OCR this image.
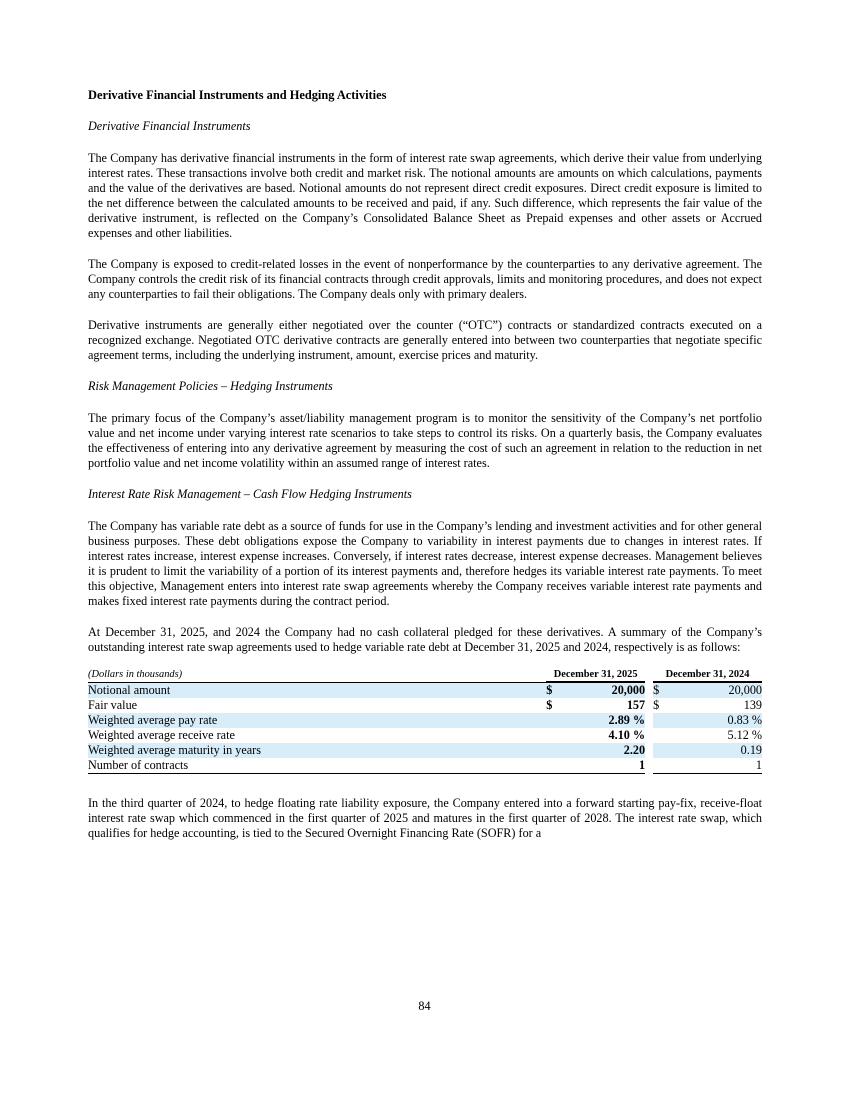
Derivative Financial Instruments and Hedging Activities
Derivative Financial Instruments

The Company has derivative financial instruments in the form of interest rate swap agreements, which derive their value from underlying interest rates. These transactions involve both credit and market risk. The notional amounts are amounts on which calculations, payments and the value of the derivatives are based. Notional amounts do not represent direct credit exposures. Direct credit exposure is limited to the net difference between the calculated amounts to be received and paid, if any. Such difference, which represents the fair value of the derivative instrument, is reflected on the Company’s Consolidated Balance Sheet as Prepaid expenses and other assets or Accrued expenses and other liabilities.

The Company is exposed to credit-related losses in the event of nonperformance by the counterparties to any derivative agreement. The Company controls the credit risk of its financial contracts through credit approvals, limits and monitoring procedures, and does not expect any counterparties to fail their obligations. The Company deals only with primary dealers.

Derivative instruments are generally either negotiated over the counter (“OTC”) contracts or standardized contracts executed on a recognized exchange. Negotiated OTC derivative contracts are generally entered into between two counterparties that negotiate specific agreement terms, including the underlying instrument, amount, exercise prices and maturity.

Risk Management Policies – Hedging Instruments

The primary focus of the Company’s asset/liability management program is to monitor the sensitivity of the Company’s net portfolio value and net income under varying interest rate scenarios to take steps to control its risks. On a quarterly basis, the Company evaluates the effectiveness of entering into any derivative agreement by measuring the cost of such an agreement in relation to the reduction in net portfolio value and net income volatility within an assumed range of interest rates.

Interest Rate Risk Management – Cash Flow Hedging Instruments

The Company has variable rate debt as a source of funds for use in the Company’s lending and investment activities and for other general business purposes. These debt obligations expose the Company to variability in interest payments due to changes in interest rates. If interest rates increase, interest expense increases. Conversely, if interest rates decrease, interest expense decreases. Management believes it is prudent to limit the variability of a portion of its interest payments and, therefore hedges its variable interest rate payments. To meet this objective, Management enters into interest rate swap agreements whereby the Company receives variable interest rate payments and makes fixed interest rate payments during the contract period.

At December 31, 2025, and 2024 the Company had no cash collateral pledged for these derivatives. A summary of the Company’s outstanding interest rate swap agreements used to hedge variable rate debt at December 31, 2025 and 2024, respectively is as follows:

(Dollars in thousands)	December 31, 2025			December 31, 2024	
Notional amount	$	20,000		$	20,000
Fair value	$	157		$	139
Weighted average pay rate		2.89 %			0.83 %
Weighted average receive rate		4.10 %			5.12 %
Weighted average maturity in years		2.20			0.19
Number of contracts		1			1

In the third quarter of 2024, to hedge floating rate liability exposure, the Company entered into a forward starting pay-fix, receive-float interest rate swap which commenced in the first quarter of 2025 and matures in the first quarter of 2028. The interest rate swap, which qualifies for hedge accounting, is tied to the Secured Overnight Financing Rate (SOFR) for a

84
